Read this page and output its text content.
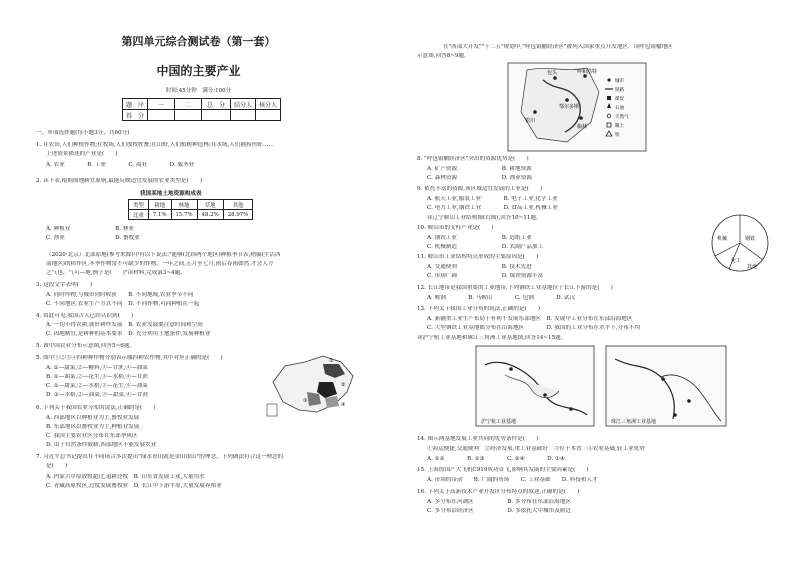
第四单元综合测试卷（第一套）
中国的主要产业
时间:45分钟　满分:100分
题　序	一	二	总　分	结分人	核分人
得　分					
一、单项选择题(每小题3分，共60分)
1. 在农田,人们种植作物;在牧场,人们放牧牲畜;在山野,人们植树种造林;在水域,人们捕捞鱼虾……
上述情景描述的产业是(　　)
A. 农业　　　　B. 工业　　　　C. 商业　　　　D. 服务业
2. 读下表,根据图地制宜原则,最能反映适宜发展的农业类型是(　　)
A. 种植业　　　　　　　　B. 林业
C. 渔业　　　　　　　　　D. 畜牧业
（2020·北京）北部原地(参考来源)中有以下说法:"能够(北纬两个地区)种植季节表,稍偏(生活西
南地区)的稻作区,冬季作物常不可缺少的作物。一年之间,五月至七月,雨后春雨如然,才会人方
之气也。气可—地,例子是(　　)"读材料,完成第3~4题。
3. 这段文字表明(　　)
A. 同时作物,与城市同时收获　　B. 不同地域,农业季节不同
C. 不同地区,农业生产方式不同　D. 不同作物,可同种植在一起
4. 由此可见,我国古人已经认识到(　　)
A. 一切不得农耕,就好耕作发展　B. 农业发展要注意时间和空间
C. 因地制宜,是耕种的基本要求　D. 充分利用土地条件,发展种植业
5. 该中国农业分布示意图,回答5~6题。
5. 图中①②③④四种种作物分别表示哪四种农作物,其中对应正确的是(　　)
A. ①—甜菜,②—糖料,③—甘蔗,④—油菜
B. ①—油菜,②—花生,③—水稻,④—甘蔗
C. ①—甜菜,②—水稻,③—花生,④—油菜
D. ①—水稻,②—油菜,③—甜菜,④—甘蔗
6. 下列关于我国农业分布的说法,正确的是(　　)
A. 西部地区以种植业为主,畜牧业发展
B. 东部地区以畜牧业为主,种植业发展
C. 我国主要农业区分布在东部季风区
D. 由于自然条件限制,西部地区不能发展农业
7. 习近平总书记提出在不同场合多次提出"绿水青山就是金山银山"的理念。下列做法符合这一理念的
是(　　)
A. 内蒙古草原放牧超过,退耕还牧　B. 山东省发展工业,大量用水
C. 青藏高原牧区,过度发展畜牧业　D. 长江中下游平原,大量发展养殖业
我国某地土地资源构成表
类型	耕地	林地	草地	其他
比重	7.1%	15.7%	48.2%	28.97%
①
②
③
④
在"西部大开发""十二五"规划中,"呼包银榆经济区"被列入国家重点开发地区。读呼包银榆地区
示意图,回答8~9题。
8. "呼包银榆经济区"突出的资源优势是(　　)
A. 矿产资源　　　　　　　　B. 耕地资源
C. 森林资源　　　　　　　　D. 渔业资源
9. 依托丰富的资源,该区域适宜发展的工业是(　　)
A. 航天工业,服装工业　　　　B. 电子工业,化学工业
C. 电力工业,钢铁工业　　　　D. 食品工业,机械工业
读辽宁鞍山工业结构图(右图),回答10~11题。
10. 鞍山市的支柱产业是(　　)
A. 钢铁工业　　　　　　　　B. 造纸工业
C. 机械制造　　　　　　　　D. 农副产品加工
11. 鞍山市工业结构特点形成的主要原因是(　　)
A. 交通便利　　　　　　　　B. 技术先进
C. 市场广阔　　　　　　　　D. 煤铁资源丰富
12. 长江地带是我国重要的工业地带,下列钢铁工业基地位于长江下游的是(　　)
A. 鞍钢　　　　B. 马鞍山　　　　C. 包钢　　　　D. 武汉
13. 下列关于我国工业分布的说法,正确的是(　　)
A. 新疆重工业生产布局于有利于发展东部地区　B. 发展中工业分布在东部沿海地区
C. 大型钢铁工业基地都分布在沿海地区　　　　D. 我国的工业分布在水平下,分布不均
读沪宁杭工业基地和珠江三角洲工业基地图,回答14~15题。
14. 图示两基地发展工业共同的优势条件是(　　)
①海运便捷,交通便利　②经济发展,重工业基础好　③位于本省　④农业基础,轻工业优势
A. ①②　　　　B. ①③　　　　C. ②④　　　　D. ①④
15. 上海的国产大飞机C919成功首飞,影响其发展的主要因素是(　　)
A. 市场的带动　　B. 广阔的市场　　C. 工业基础　　D. 科技和人才
16. 下列关于高新技术产业开发区分布特点的叙述,正确的是(　　)
A. 多分布在河湖区　　　　　　B. 多分布在东部沿海地区
C. 多分布沿经济区　　　　　　D. 多依托大中城市及附近
包头	呼和浩特
银川
榆林
鄂尔多斯
城市
铁路
煤炭
石油
天然气
稀土
铁
钢铁
机械
化工
其他
沪宁杭工业基地	珠江三角洲工业基地
